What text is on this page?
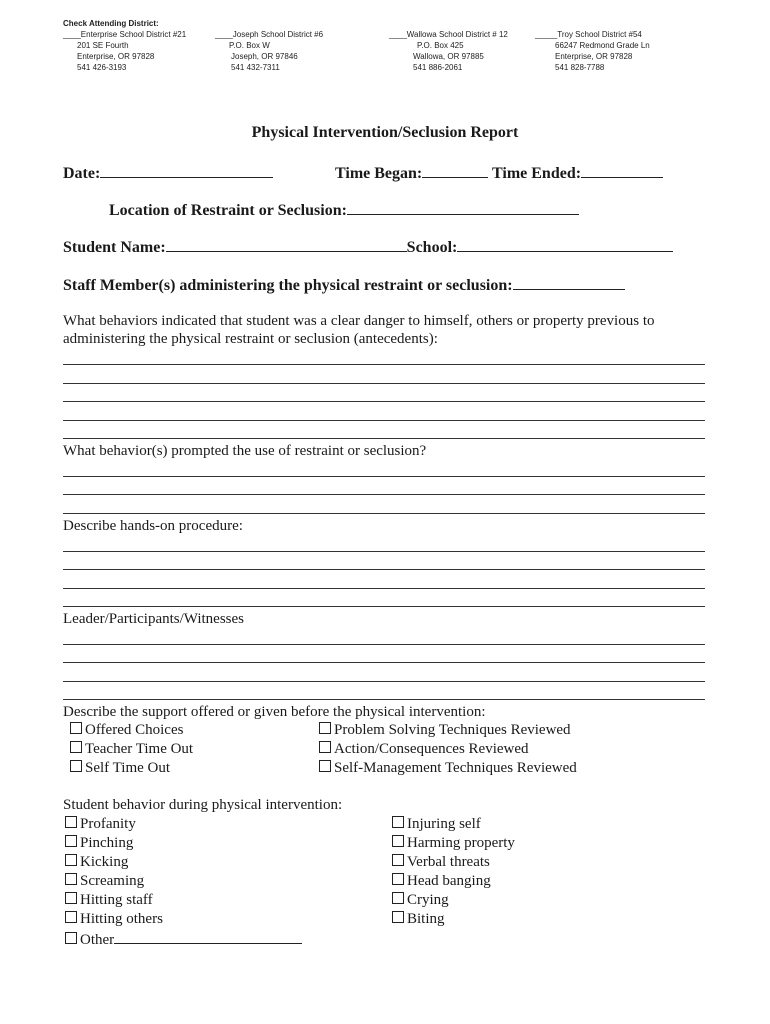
Check Attending District:
____Enterprise School District #21
201 SE Fourth
Enterprise, OR 97828
541 426-3193
____Joseph School District #6
P.O. Box W
Joseph, OR 97846
541 432-7311
____Wallowa School District # 12
P.O. Box 425
Wallowa, OR 97885
541 886-2061
_____Troy School District #54
66247 Redmond Grade Ln
Enterprise, OR 97828
541 828-7788
Physical Intervention/Seclusion Report
Date:	Time Began:	Time Ended:
Location of Restraint or Seclusion:
Student Name:	School:
Staff Member(s) administering the physical restraint or seclusion:
What behaviors indicated that student was a clear danger to himself, others or property previous to administering the physical restraint or seclusion (antecedents):
What behavior(s) prompted the use of restraint or seclusion?
Describe hands-on procedure:
Leader/Participants/Witnesses
Describe the support offered or given before the physical intervention:
Offered Choices
Teacher Time Out
Self Time Out
Problem Solving Techniques Reviewed
Action/Consequences Reviewed
Self-Management Techniques Reviewed
Student behavior during physical intervention:
Profanity
Pinching
Kicking
Screaming
Hitting staff
Hitting others
Other
Injuring self
Harming property
Verbal threats
Head banging
Crying
Biting
